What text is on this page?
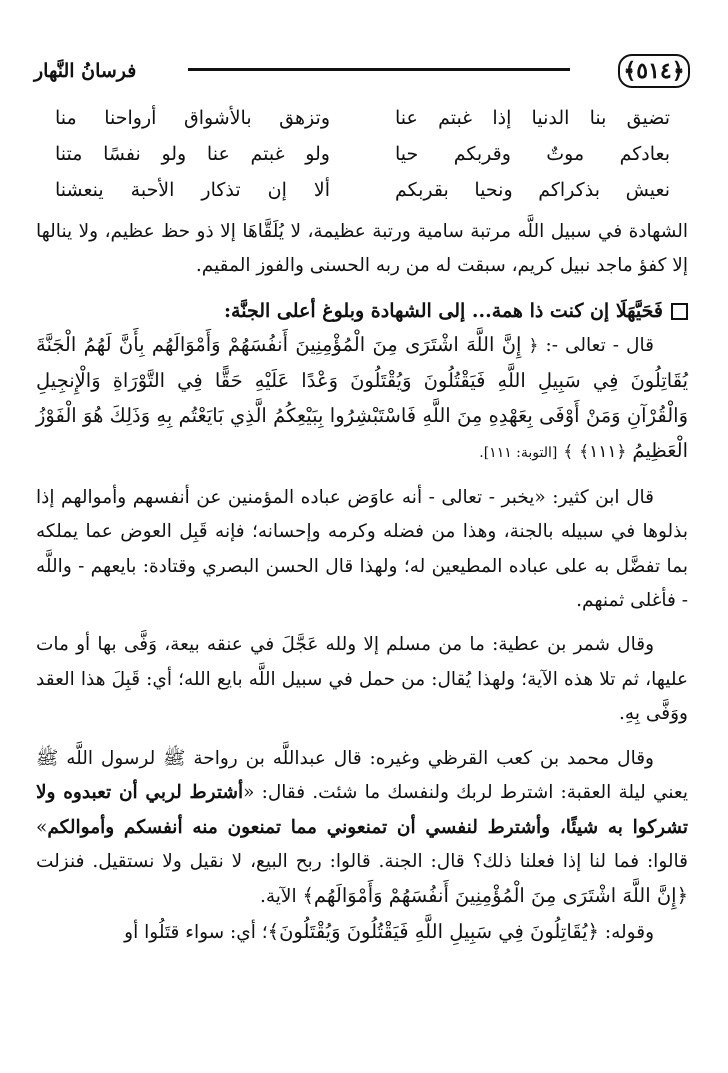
﴿٥١٤﴾
فرسانُ النَّهار
تضيق بنا الدنيا إذا غبتم عنا
وتزهق بالأشواق أرواحنا منا
بعادكم موتٌ وقربكم حيا
ولو غبتم عنا ولو نفسًا متنا
نعيش بذكراكم ونحيا بقربكم
ألا إن تذكار الأحبة ينعشنا

الشهادة في سبيل اللَّه مرتبة سامية ورتبة عظيمة، لا يُلَقَّاهَا إلا ذو حظ عظيم، ولا ينالها إلا كفؤ ماجد نبيل كريم، سبقت له من ربه الحسنى والفوز المقيم.

فَحَيَّهَلَا إن كنت ذا همة... إلى الشهادة وبلوغ أعلى الجنَّة:

قال - تعالى -: ﴿ إِنَّ اللَّهَ اشْتَرَى مِنَ الْمُؤْمِنِينَ أَنفُسَهُمْ وَأَمْوَالَهُم بِأَنَّ لَهُمُ الْجَنَّةَ يُقَاتِلُونَ فِي سَبِيلِ اللَّهِ فَيَقْتُلُونَ وَيُقْتَلُونَ وَعْدًا عَلَيْهِ حَقًّا فِي التَّوْرَاةِ وَالْإِنجِيلِ وَالْقُرْآنِ وَمَنْ أَوْفَى بِعَهْدِهِ مِنَ اللَّهِ فَاسْتَبْشِرُوا بِبَيْعِكُمُ الَّذِي بَايَعْتُم بِهِ وَذَلِكَ هُوَ الْفَوْزُ الْعَظِيمُ ﴿١١١﴾ ﴾ [التوبة: ١١١].

قال ابن كثير: «يخبر - تعالى - أنه عاوَض عباده المؤمنين عن أنفسهم وأموالهم إذا بذلوها في سبيله بالجنة، وهذا من فضله وكرمه وإحسانه؛ فإنه قَبِل العوض عما يملكه بما تفضَّل به على عباده المطيعين له؛ ولهذا قال الحسن البصري وقتادة: بايعهم - واللَّه - فأغلى ثمنهم.

وقال شمر بن عطية: ما من مسلم إلا ولله عَجَّلَ في عنقه بيعة، وَفَّى بها أو مات عليها، ثم تلا هذه الآية؛ ولهذا يُقال: من حمل في سبيل اللَّه بايع الله؛ أي: قَبِلَ هذا العقد ووَفَّى بِهِ.

وقال محمد بن كعب القرظي وغيره: قال عبداللَّه بن رواحة ﷺ لرسول اللَّه ﷺ يعني ليلة العقبة: اشترط لربك ولنفسك ما شئت. فقال: «أشترط لربي أن تعبدوه ولا تشركوا به شيئًا، وأشترط لنفسي أن تمنعوني مما تمنعون منه أنفسكم وأموالكم» قالوا: فما لنا إذا فعلنا ذلك؟ قال: الجنة. قالوا: ربح البيع، لا نقيل ولا نستقيل. فنزلت ﴿إِنَّ اللَّهَ اشْتَرَى مِنَ الْمُؤْمِنِينَ أَنفُسَهُمْ وَأَمْوَالَهُم﴾ الآية.

وقوله: ﴿يُقَاتِلُونَ فِي سَبِيلِ اللَّهِ فَيَقْتُلُونَ وَيُقْتَلُونَ﴾؛ أي: سواء قتَلُوا أو
